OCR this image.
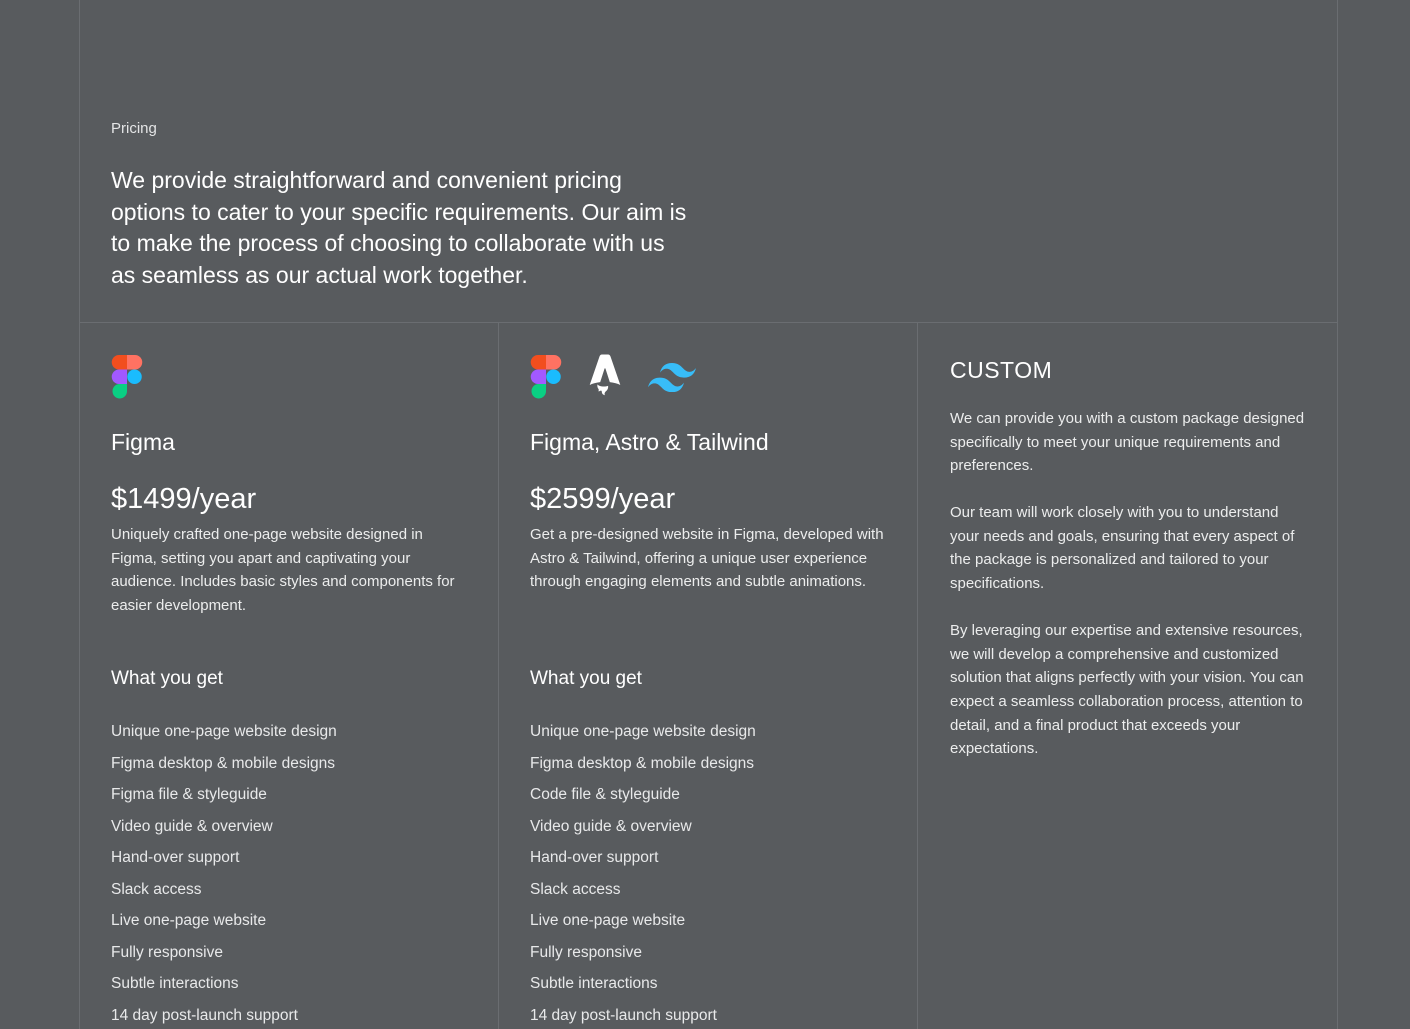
Pricing

We provide straightforward and convenient pricing options to cater to your specific requirements. Our aim is to make the process of choosing to collaborate with us as seamless as our actual work together.

Figma

$1499/year

Uniquely crafted one-page website designed in Figma, setting you apart and captivating your audience. Includes basic styles and components for easier development.

What you get

Unique one-page website design
Figma desktop & mobile designs
Figma file & styleguide
Video guide & overview
Hand-over support
Slack access
Live one-page website
Fully responsive
Subtle interactions
14 day post-launch support

Figma, Astro & Tailwind

$2599/year

Get a pre-designed website in Figma, developed with Astro & Tailwind, offering a unique user experience through engaging elements and subtle animations.

What you get

Unique one-page website design
Figma desktop & mobile designs
Code file & styleguide
Video guide & overview
Hand-over support
Slack access
Live one-page website
Fully responsive
Subtle interactions
14 day post-launch support

CUSTOM

We can provide you with a custom package designed specifically to meet your unique requirements and preferences.

Our team will work closely with you to understand your needs and goals, ensuring that every aspect of the package is personalized and tailored to your specifications.

By leveraging our expertise and extensive resources, we will develop a comprehensive and customized solution that aligns perfectly with your vision. You can expect a seamless collaboration process, attention to detail, and a final product that exceeds your expectations.
